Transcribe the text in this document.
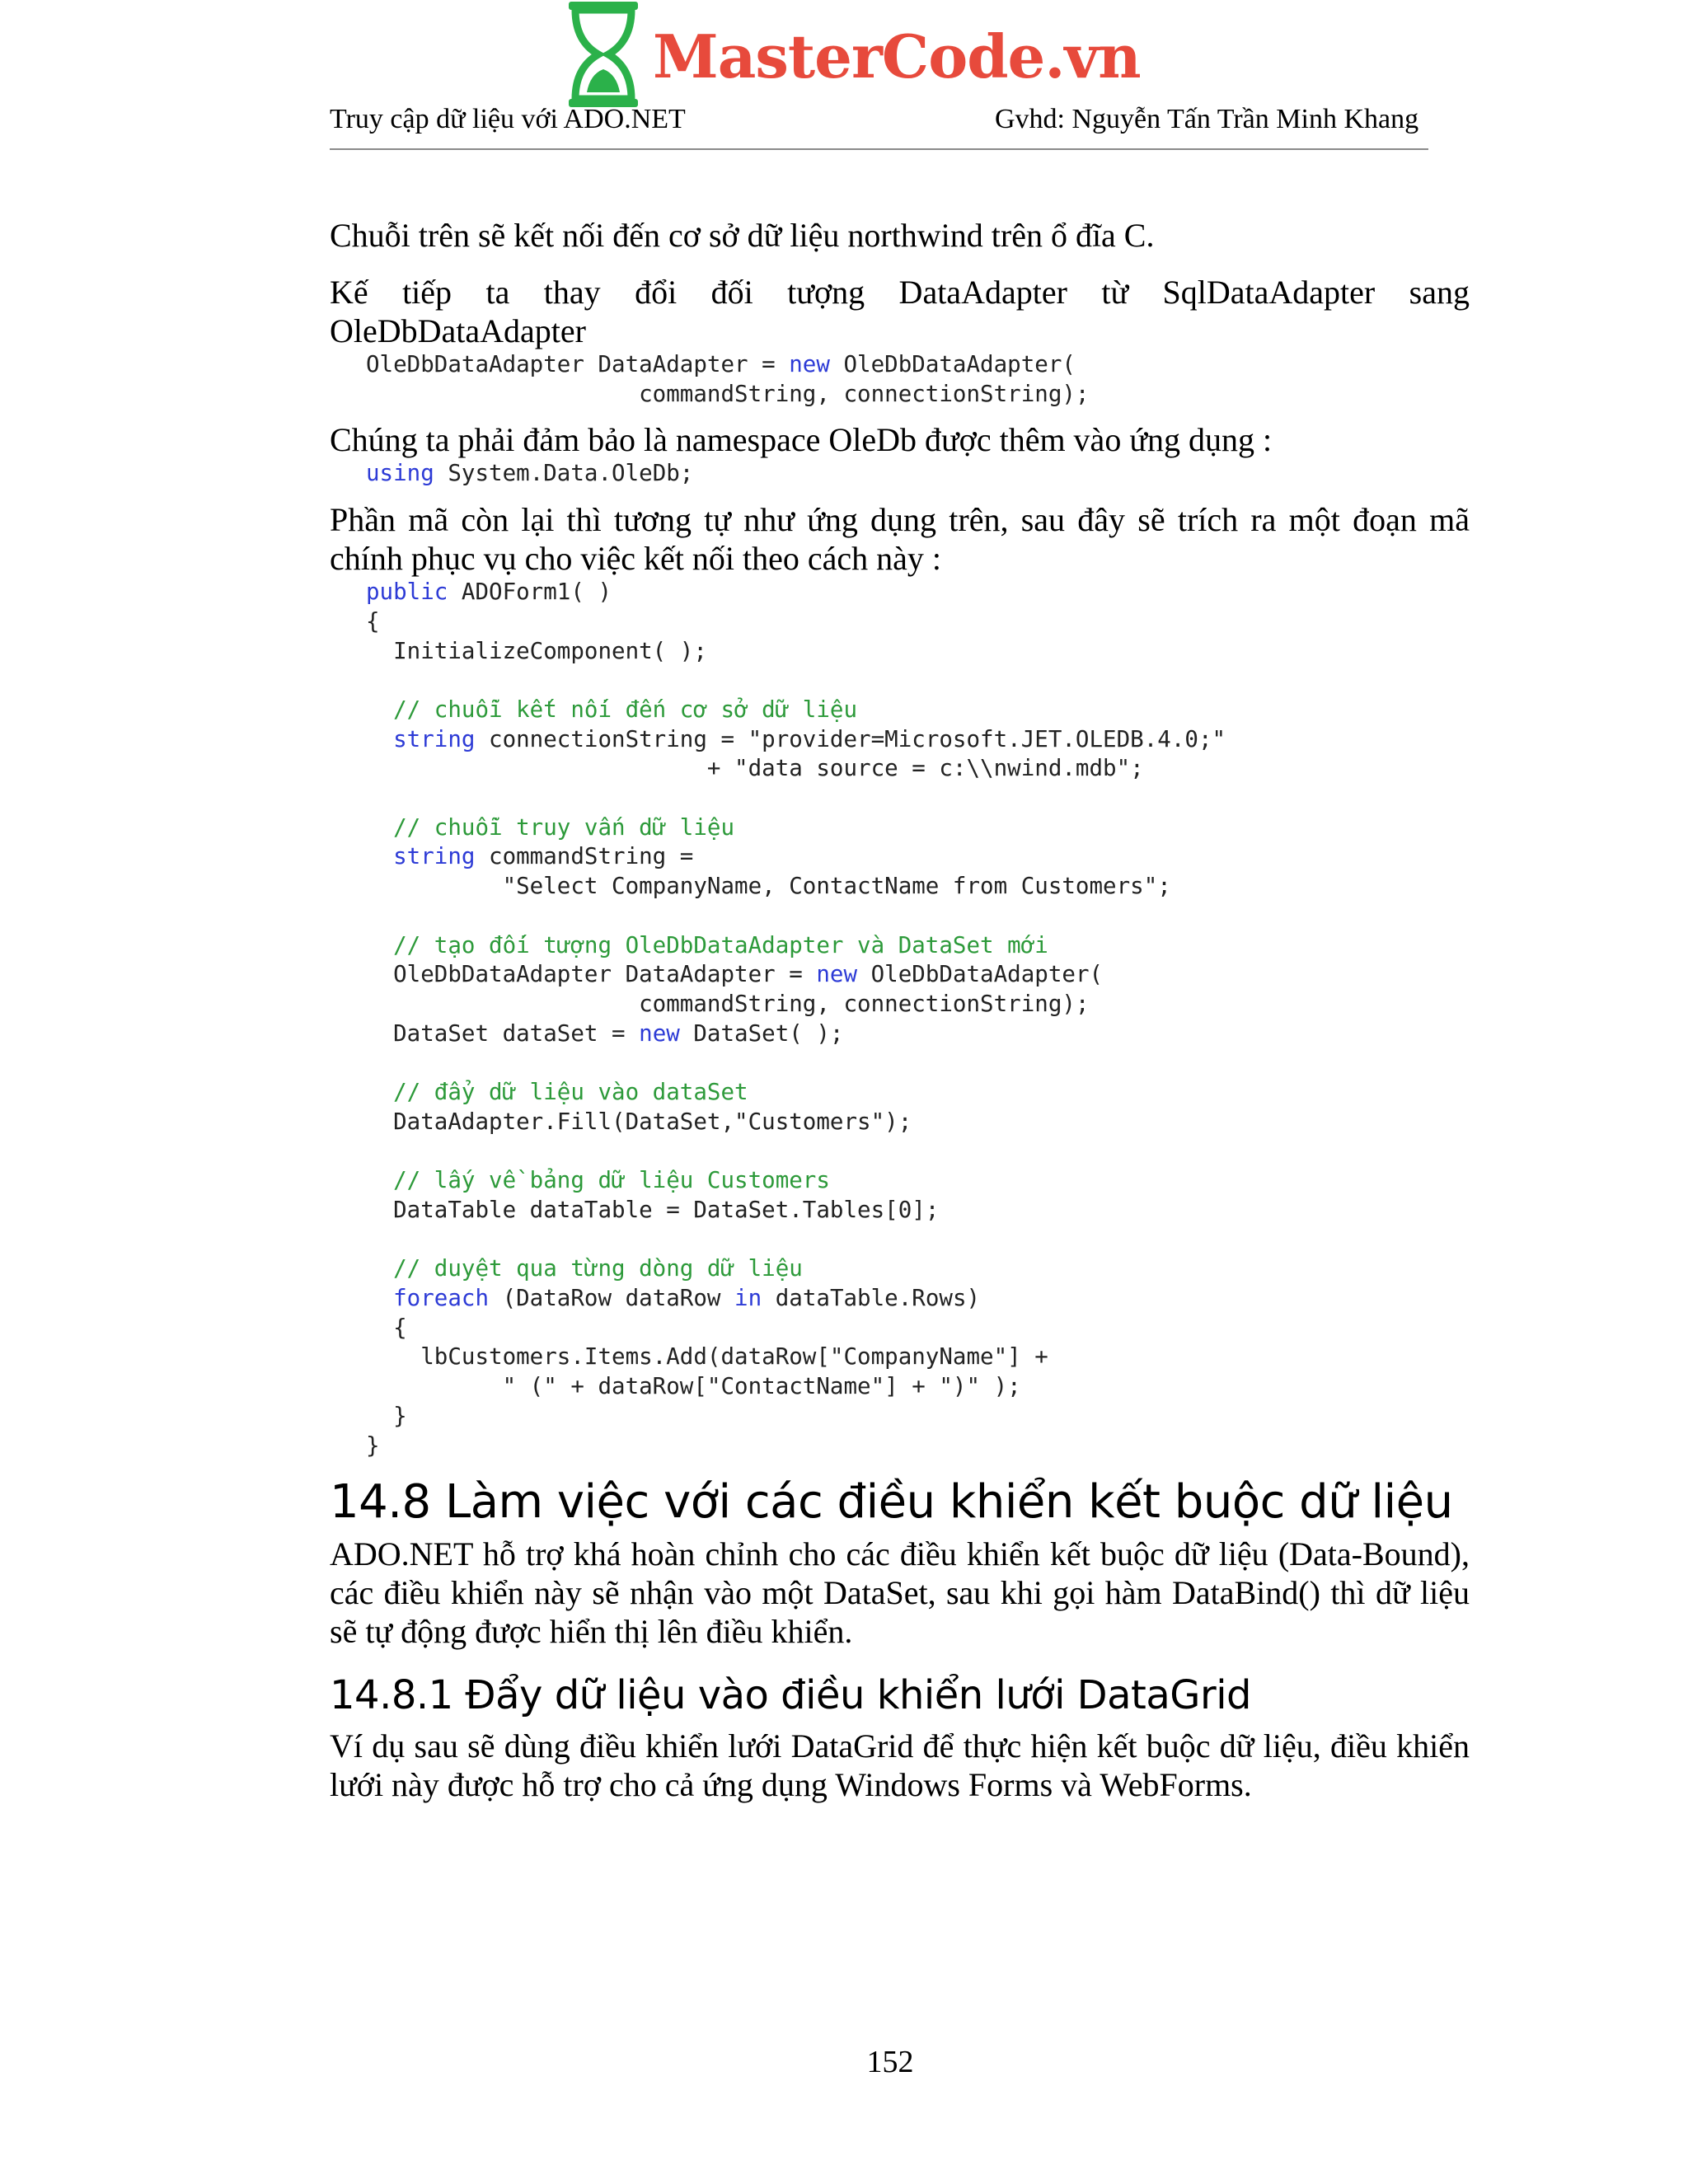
MasterCode.vn
Truy cập dữ liệu với ADO.NET	Gvhd: Nguyễn Tấn Trần Minh Khang

Chuỗi trên sẽ kết nối đến cơ sở dữ liệu northwind trên ổ đĩa C.

Kế tiếp ta thay đổi đối tượng DataAdapter từ SqlDataAdapter sang

OleDbDataAdapter

OleDbDataAdapter DataAdapter = new OleDbDataAdapter(
commandString, connectionString);

Chúng ta phải đảm bảo là namespace OleDb được thêm vào ứng dụng :

using System.Data.OleDb;

Phần mã còn lại thì tương tự như ứng dụng trên, sau đây sẽ trích ra một đoạn mã chính phục vụ cho việc kết nối theo cách này :

public ADOForm1( )
{
InitializeComponent( );

// chuỗi kết nối đến cơ sở dữ liệu
string connectionString = "provider=Microsoft.JET.OLEDB.4.0;"
+ "data source = c:\\nwind.mdb";

// chuỗi truy vấn dữ liệu
string commandString =
"Select CompanyName, ContactName from Customers";

// tạo đối tượng OleDbDataAdapter và DataSet mới
OleDbDataAdapter DataAdapter = new OleDbDataAdapter(
commandString, connectionString);
DataSet dataSet = new DataSet( );

// đẩy dữ liệu vào dataSet
DataAdapter.Fill(DataSet,"Customers");

// lấy về bảng dữ liệu Customers
DataTable dataTable = DataSet.Tables[0];

// duyệt qua từng dòng dữ liệu
foreach (DataRow dataRow in dataTable.Rows)
{
lbCustomers.Items.Add(dataRow["CompanyName"] +
" (" + dataRow["ContactName"] + ")" );
}
}
14.8 Làm việc với các điều khiển kết buộc dữ liệu

ADO.NET hỗ trợ khá hoàn chỉnh cho các điều khiển kết buộc dữ liệu (Data-Bound), các điều khiển này sẽ nhận vào một DataSet, sau khi gọi hàm DataBind() thì dữ liệu sẽ tự động được hiển thị lên điều khiển.

14.8.1 Đẩy dữ liệu vào điều khiển lưới DataGrid

Ví dụ sau sẽ dùng điều khiển lưới DataGrid để thực hiện kết buộc dữ liệu, điều khiển lưới này được hỗ trợ cho cả ứng dụng Windows Forms và WebForms.

152
